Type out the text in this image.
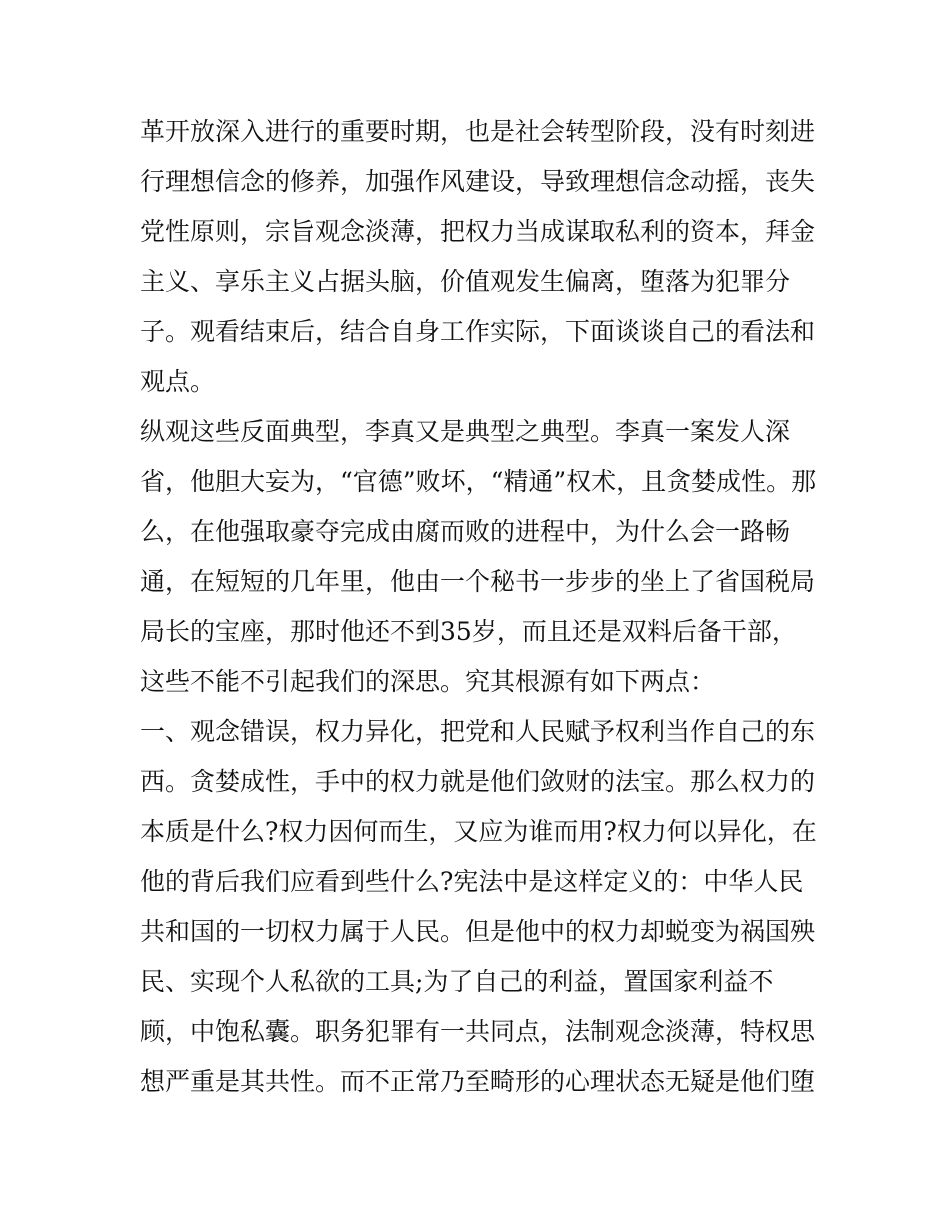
革开放深入进行的重要时期，也是社会转型阶段，没有时刻进
行理想信念的修养，加强作风建设，导致理想信念动摇，丧失
党性原则，宗旨观念淡薄，把权力当成谋取私利的资本，拜金
主义、享乐主义占据头脑，价值观发生偏离，堕落为犯罪分
子。观看结束后，结合自身工作实际，下面谈谈自己的看法和
观点。
纵观这些反面典型，李真又是典型之典型。李真一案发人深
省，他胆大妄为，“官德”败坏，“精通”权术，且贪婪成性。那
么，在他强取豪夺完成由腐而败的进程中，为什么会一路畅
通，在短短的几年里，他由一个秘书一步步的坐上了省国税局
局长的宝座，那时他还不到35岁，而且还是双料后备干部，
这些不能不引起我们的深思。究其根源有如下两点：
一、观念错误，权力异化，把党和人民赋予权利当作自己的东
西。贪婪成性，手中的权力就是他们敛财的法宝。那么权力的
本质是什么?权力因何而生，又应为谁而用?权力何以异化，在
他的背后我们应看到些什么?宪法中是这样定义的：中华人民
共和国的一切权力属于人民。但是他中的权力却蜕变为祸国殃
民、实现个人私欲的工具;为了自己的利益，置国家利益不
顾，中饱私囊。职务犯罪有一共同点，法制观念淡薄，特权思
想严重是其共性。而不正常乃至畸形的心理状态无疑是他们堕
